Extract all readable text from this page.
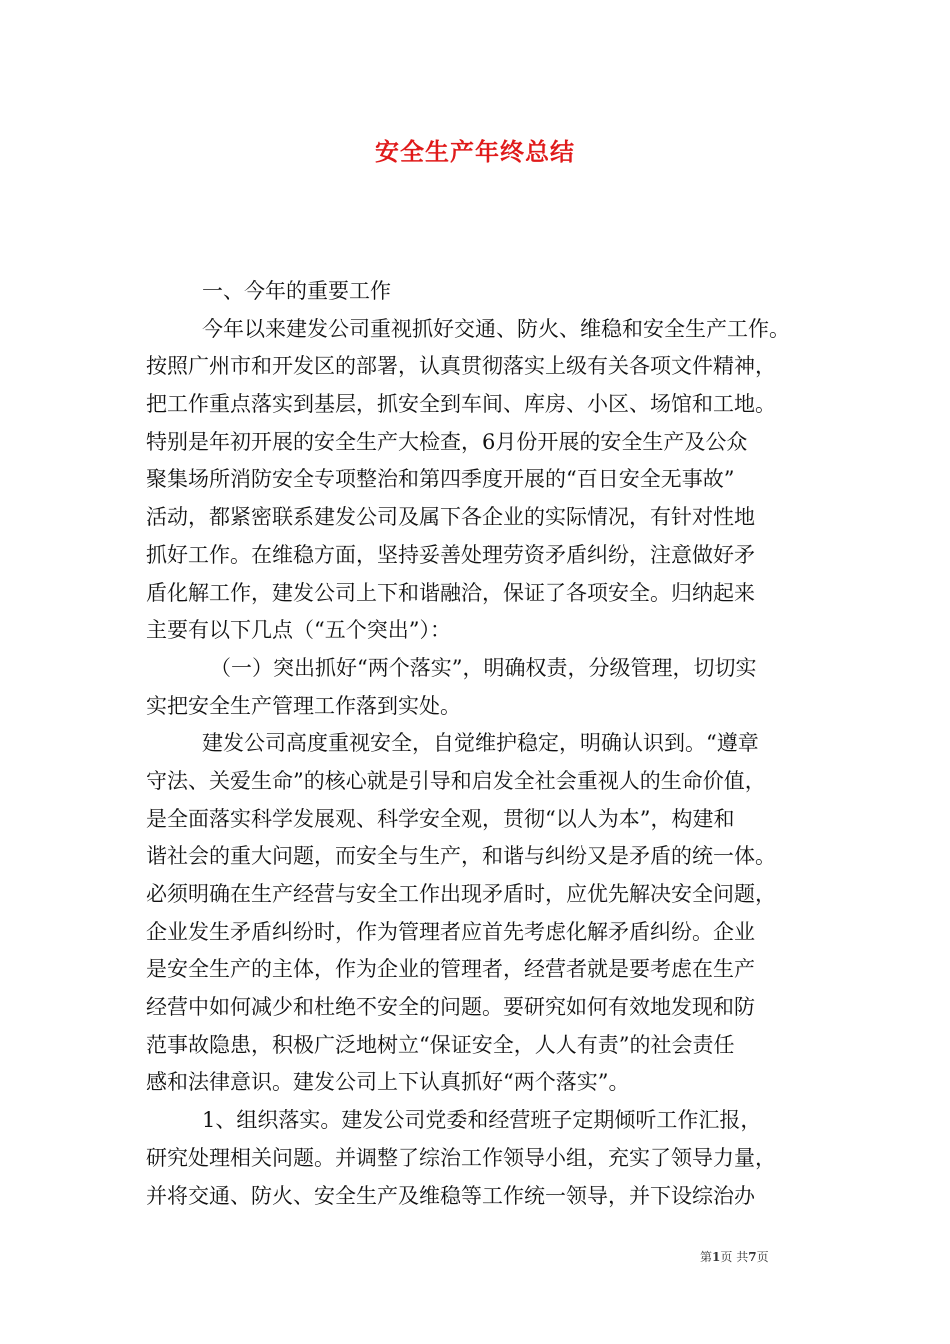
安全生产年终总结

一、今年的重要工作

今年以来建发公司重视抓好交通、防火、维稳和安全生产工作。

按照广州市和开发区的部署，认真贯彻落实上级有关各项文件精神，

把工作重点落实到基层，抓安全到车间、库房、小区、场馆和工地。

特别是年初开展的安全生产大检查，6月份开展的安全生产及公众

聚集场所消防安全专项整治和第四季度开展的“百日安全无事故”

活动，都紧密联系建发公司及属下各企业的实际情况，有针对性地

抓好工作。在维稳方面，坚持妥善处理劳资矛盾纠纷，注意做好矛

盾化解工作，建发公司上下和谐融洽，保证了各项安全。归纳起来

主要有以下几点（“五个突出”）：

（一）突出抓好“两个落实”，明确权责，分级管理，切切实

实把安全生产管理工作落到实处。

建发公司高度重视安全，自觉维护稳定，明确认识到。“遵章

守法、关爱生命”的核心就是引导和启发全社会重视人的生命价值，

是全面落实科学发展观、科学安全观，贯彻“以人为本”，构建和

谐社会的重大问题，而安全与生产，和谐与纠纷又是矛盾的统一体。

必须明确在生产经营与安全工作出现矛盾时，应优先解决安全问题，

企业发生矛盾纠纷时，作为管理者应首先考虑化解矛盾纠纷。企业

是安全生产的主体，作为企业的管理者，经营者就是要考虑在生产

经营中如何减少和杜绝不安全的问题。要研究如何有效地发现和防

范事故隐患，积极广泛地树立“保证安全，人人有责”的社会责任

感和法律意识。建发公司上下认真抓好“两个落实”。

1、组织落实。建发公司党委和经营班子定期倾听工作汇报，

研究处理相关问题。并调整了综治工作领导小组，充实了领导力量，

并将交通、防火、安全生产及维稳等工作统一领导，并下设综治办

第1页 共7页
